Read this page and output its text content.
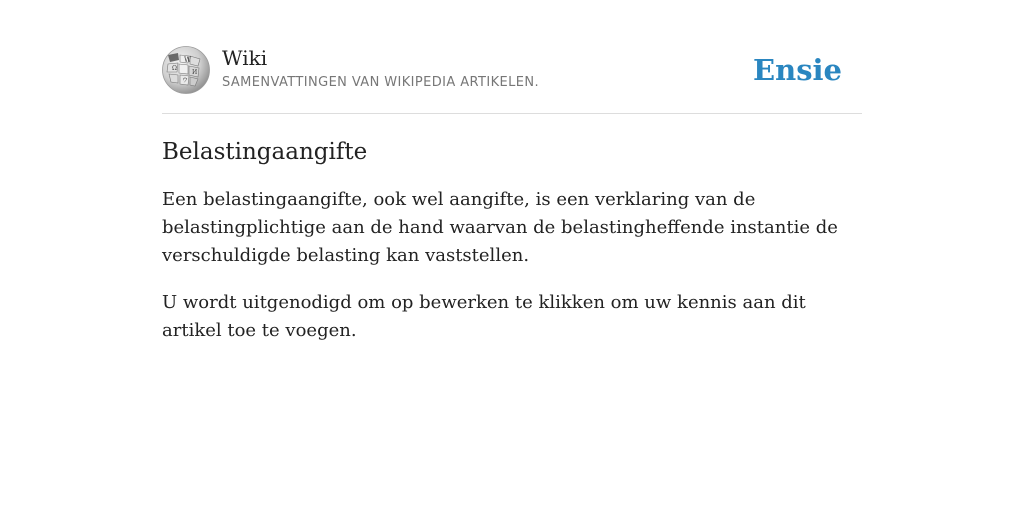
W
Ω
И
ウ
Wiki
SAMENVATTINGEN VAN WIKIPEDIA ARTIKELEN.	Ensie
Belastingaangifte

Een belastingaangifte, ook wel aangifte, is een verklaring van de belastingplichtige aan de hand waarvan de belastingheffende instantie de verschuldigde belasting kan vaststellen.

U wordt uitgenodigd om op bewerken te klikken om uw kennis aan dit artikel toe te voegen.
